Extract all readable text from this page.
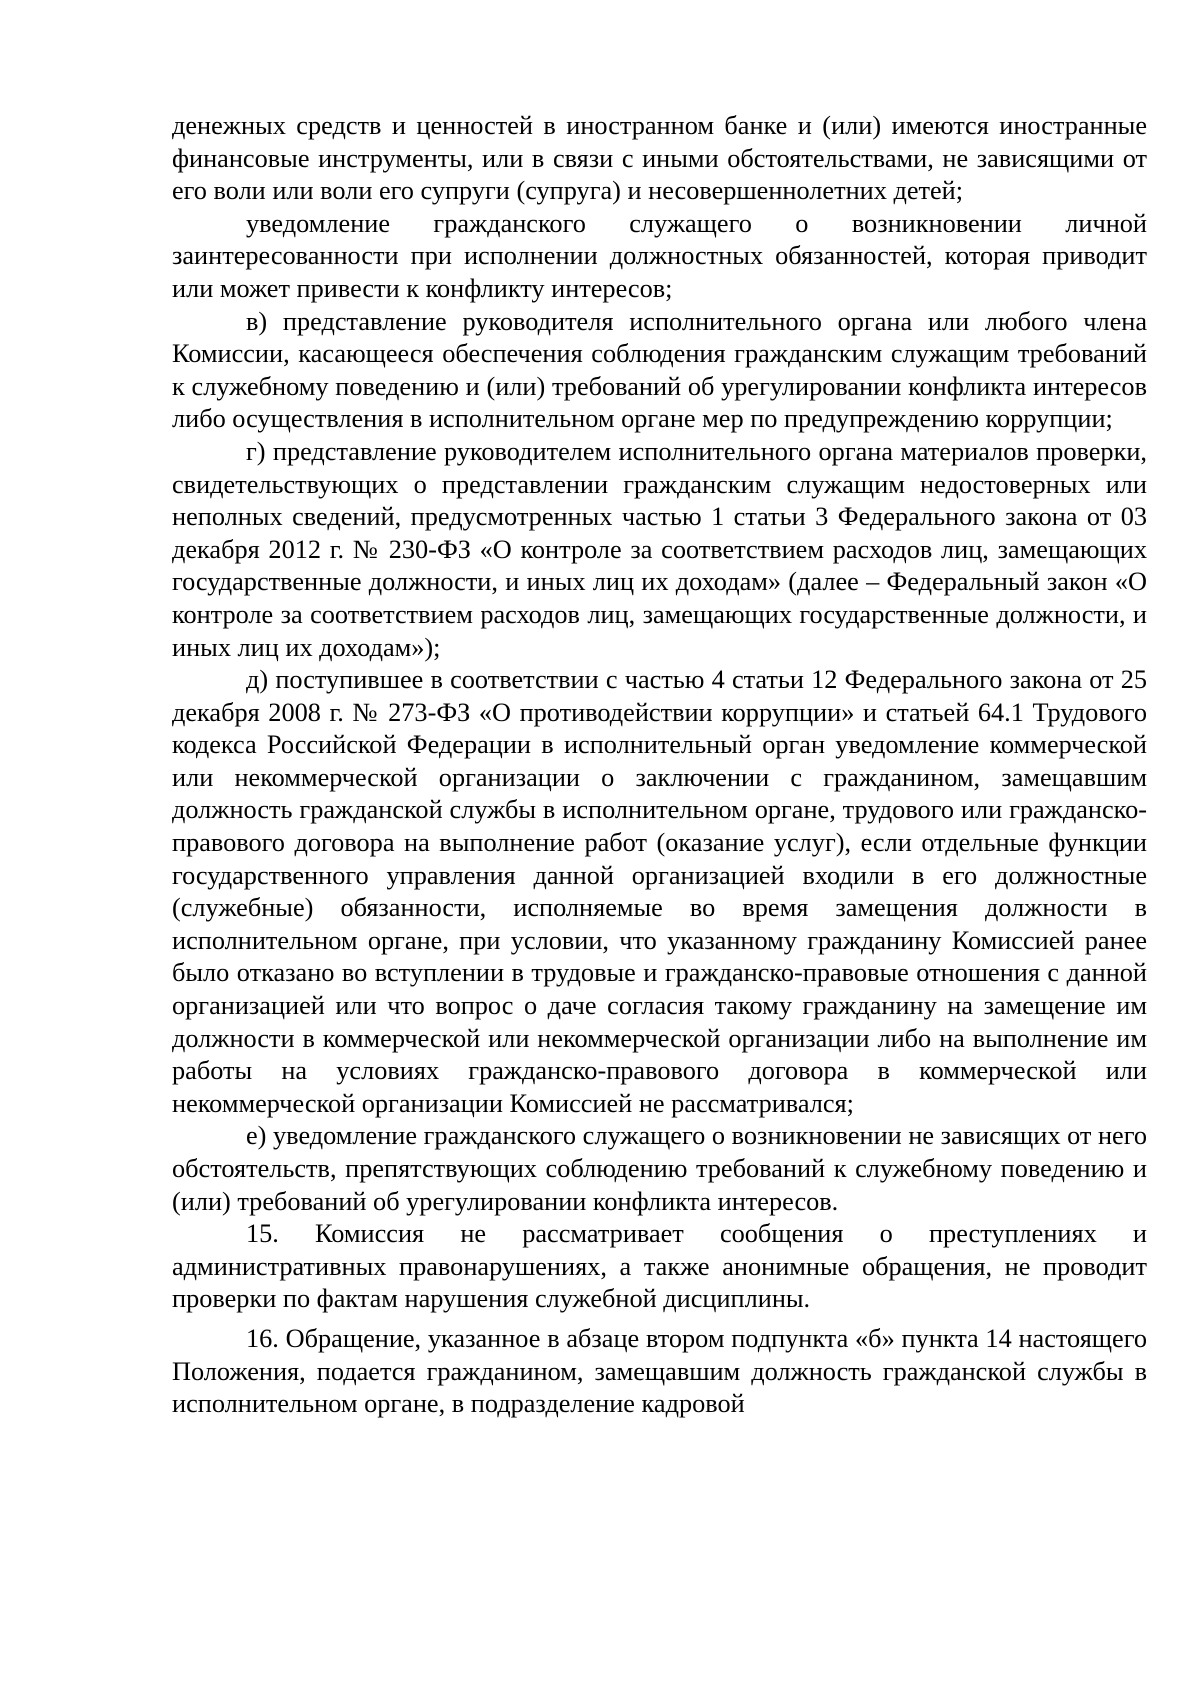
денежных средств и ценностей в иностранном банке и (или) имеются иностранные финансовые инструменты, или в связи с иными обстоятельствами, не зависящими от его воли или воли его супруги (супруга) и несовершеннолетних детей;

уведомление гражданского служащего о возникновении личной заинтересованности при исполнении должностных обязанностей, которая приводит или может привести к конфликту интересов;

в) представление руководителя исполнительного органа или любого члена Комиссии, касающееся обеспечения соблюдения гражданским служащим требований к служебному поведению и (или) требований об урегулировании конфликта интересов либо осуществления в исполнительном органе мер по предупреждению коррупции;

г) представление руководителем исполнительного органа материалов проверки, свидетельствующих о представлении гражданским служащим недостоверных или неполных сведений, предусмотренных частью 1 статьи 3 Федерального закона от 03 декабря 2012 г. № 230-ФЗ «О контроле за соответствием расходов лиц, замещающих государственные должности, и иных лиц их доходам» (далее – Федеральный закон «О контроле за соответствием расходов лиц, замещающих государственные должности, и иных лиц их доходам»);

д) поступившее в соответствии с частью 4 статьи 12 Федерального закона от 25 декабря 2008 г. № 273-ФЗ «О противодействии коррупции» и статьей 64.1 Трудового кодекса Российской Федерации в исполнительный орган уведомление коммерческой или некоммерческой организации о заключении с гражданином, замещавшим должность гражданской службы в исполнительном органе, трудового или гражданско-правового договора на выполнение работ (оказание услуг), если отдельные функции государственного управления данной организацией входили в его должностные (служебные) обязанности, исполняемые во время замещения должности в исполнительном органе, при условии, что указанному гражданину Комиссией ранее было отказано во вступлении в трудовые и гражданско-правовые отношения с данной организацией или что вопрос о даче согласия такому гражданину на замещение им должности в коммерческой или некоммерческой организации либо на выполнение им работы на условиях гражданско-правового договора в коммерческой или некоммерческой организации Комиссией не рассматривался;

е) уведомление гражданского служащего о возникновении не зависящих от него обстоятельств, препятствующих соблюдению требований к служебному поведению и (или) требований об урегулировании конфликта интересов.

15. Комиссия не рассматривает сообщения о преступлениях и административных правонарушениях, а также анонимные обращения, не проводит проверки по фактам нарушения служебной дисциплины.

16. Обращение, указанное в абзаце втором подпункта «б» пункта 14 настоящего Положения, подается гражданином, замещавшим должность гражданской службы в исполнительном органе, в подразделение кадровой
